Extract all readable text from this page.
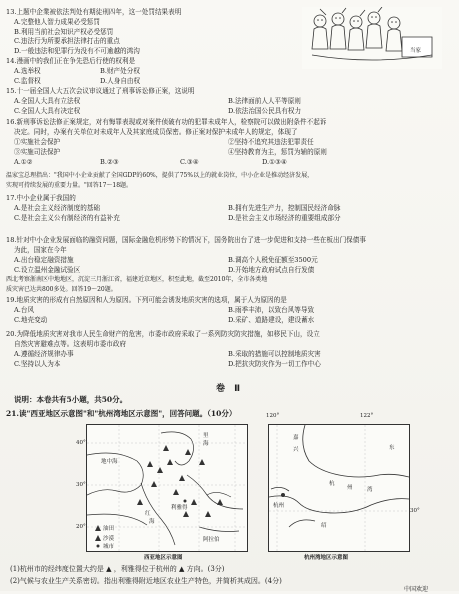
13.上题中企業被依法判处有期徒刑四年，这一处罚结果表明
A.完整他人智力成果必受惩罚
B.利用当前社会知识产权必受惩罚
C.违法行为所要承担法律打击的重点
D.一般违法和犯罪行为没有不可逾越的鸿沟
14.漫画中的我们正在争先恐后行使的权利是
A.选举权	B.财产处分权
C.监督权	D.人身自由权
15.十一届全国人大五次会议审议通过了刑事诉讼修正案，这说明
A.全国人大具有立法权	B.法律面前人人平等原则
C.全国人大具有决定权	D.依法治国公民具有权力
16.新刑事诉讼法修正案规定，对有悔罪表现或对案件侦破有功的犯罪未成年人，检察院可以做出附条件不起诉
决定。同时，办案有关单位对未成年人及其家庭成员保密。修正案对保护未成年人的规定，体现了
①实施社会保护	②坚持不追究其违法犯罪责任
③实施司法保护	④坚持教育为主，惩罚为辅的原则
A.①②	B.②③	C.③④	D.①③④
17.中小企业属于我国的
A.是社会主义经济制度的基础	B.拥有先进生产力，控制国民经济命脉
C.是社会主义公有制经济的有益补充	D.是社会主义市场经济的重要组成部分
18.针对中小企业发展面临的融资问题，国际金融危机形势下的情况下，国务院出台了进一步促进和支持一些在板出门保债事
为此，国家在今年
A.出台稳定融资措施	B.调高个人税免征额至3500元
C.设立温州金融试验区	D.开始地方政府试点自行发债
19.地质灾害的形成有自然原因和人为原因。下列可能会诱发地质灾害的选项，属于人为原因的是
A.台风	B.雨季丰沛，以致台风等导致
C.地壳变动	D.采矿、道路建设，建设蓄水
20.为降低地质灾害对我市人民生命财产的危害，市委市政府采取了一系列防灾防灾措施，如移民下山，设立
自然灾害避难点等。这表明市委市政府
A.遵循经济规律办事	B.采取的措施可以控制地质灾害
C.坚持以人为本	D.把抗灾防灾作为一切工作中心
当家
温家宝总理指出："我国中小企业贡献了全国GDP的60%，提供了75%以上的就业岗位，中小企业是推动经济发展，
实现可持续发展的重要力量。"回答17～18题。
西北考察浙南区中地地区，沉淀三月浙江省，福建近京地区，积至此地，截至2010年，全市各类地
质灾害已达共800多处。回答19～20题。
卷 Ⅱ
说明：本卷共有5小题，共50分。
21.读"西亚地区示意图"和"杭州湾地区示意图"，回答问题。（10分）
地中海
里
海
红
海
利雅得
阿拉伯
油田
沙漠
城市
西亚地区示意图
杭
州	湾
杭州
嘉
兴
绍
东
杭州湾地区示意图
120°	122°
30°
40°
30°
20°
(1)杭州市的经纬度位置大约是 ▲ ，利雅得位于杭州的 ▲ 方向。(3分)
(2)气候与农业生产关系密切。指出利雅得附近地区农业生产特色，并简析其成因。(4分)
中国欢迎
